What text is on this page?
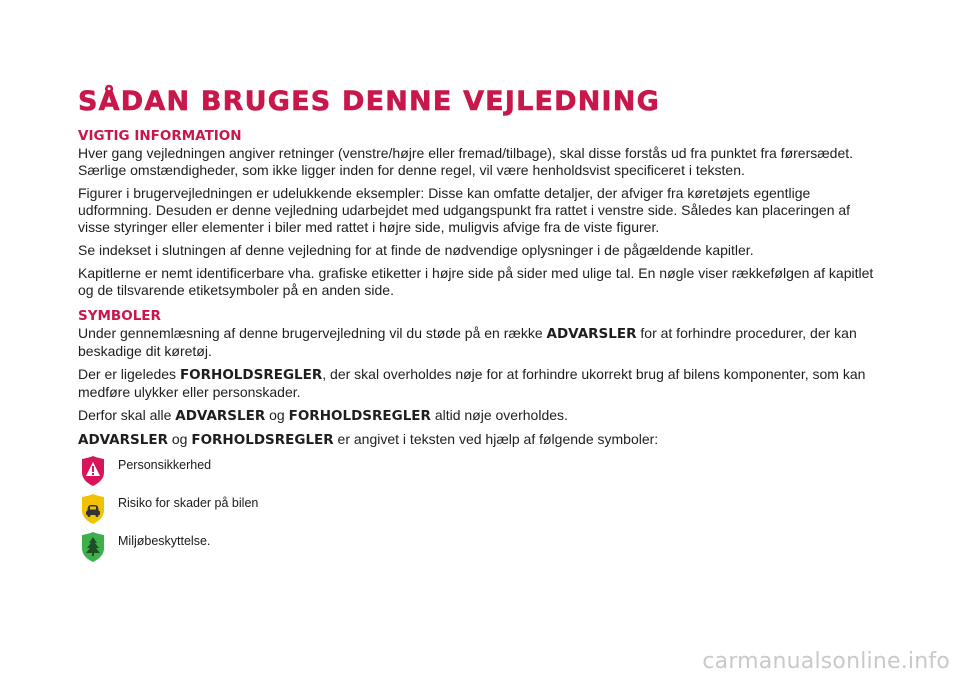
SÅDAN BRUGES DENNE VEJLEDNING
VIGTIG INFORMATION

Hver gang vejledningen angiver retninger (venstre/højre eller fremad/tilbage), skal disse forstås ud fra punktet fra førersædet. Særlige omstændigheder, som ikke ligger inden for denne regel, vil være henholdsvist specificeret i teksten.

Figurer i brugervejledningen er udelukkende eksempler: Disse kan omfatte detaljer, der afviger fra køretøjets egentlige udformning. Desuden er denne vejledning udarbejdet med udgangspunkt fra rattet i venstre side. Således kan placeringen af visse styringer eller elementer i biler med rattet i højre side, muligvis afvige fra de viste figurer.

Se indekset i slutningen af denne vejledning for at finde de nødvendige oplysninger i de pågældende kapitler.

Kapitlerne er nemt identificerbare vha. grafiske etiketter i højre side på sider med ulige tal. En nøgle viser rækkefølgen af kapitlet og de tilsvarende etiketsymboler på en anden side.

SYMBOLER

Under gennemlæsning af denne brugervejledning vil du støde på en række ADVARSLER for at forhindre procedurer, der kan beskadige dit køretøj.

Der er ligeledes FORHOLDSREGLER, der skal overholdes nøje for at forhindre ukorrekt brug af bilens komponenter, som kan medføre ulykker eller personskader.

Derfor skal alle ADVARSLER og FORHOLDSREGLER altid nøje overholdes.

ADVARSLER og FORHOLDSREGLER er angivet i teksten ved hjælp af følgende symboler:

Personsikkerhed
Risiko for skader på bilen
Miljøbeskyttelse.
carmanualsonline.info
